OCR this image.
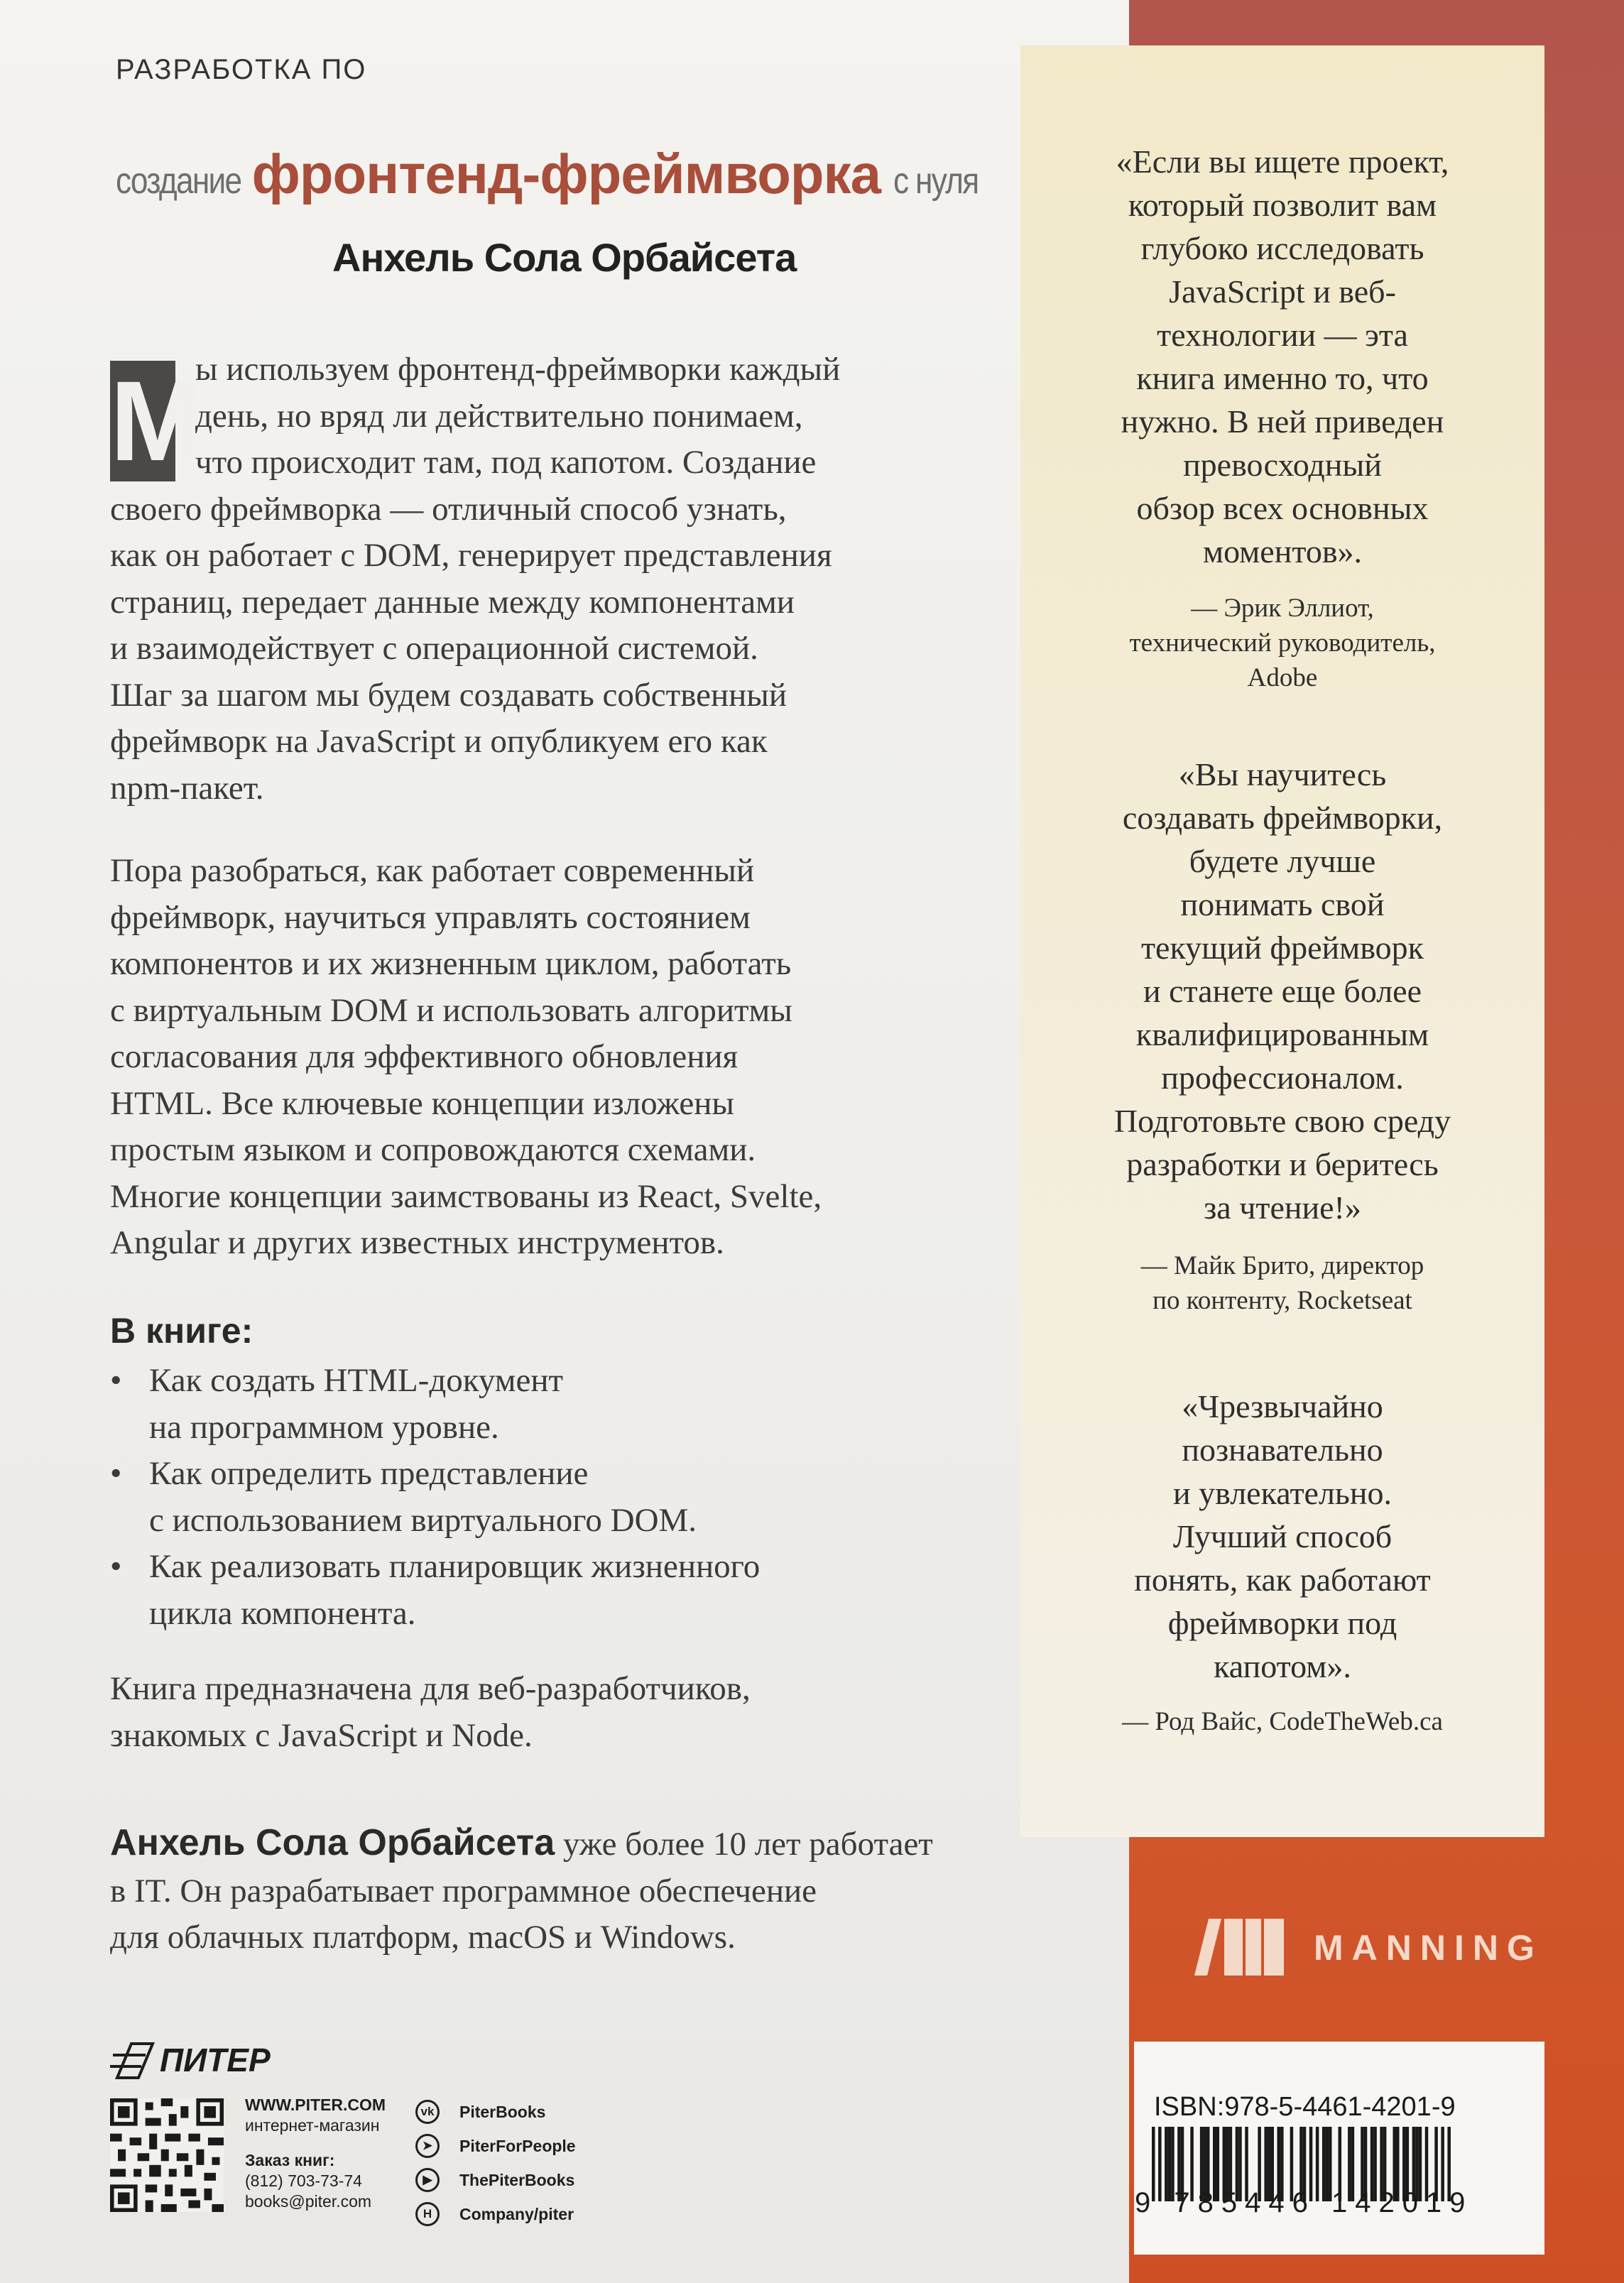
РАЗРАБОТКА ПО
создание фронтенд-фреймворка с нуля
Анхель Сола Орбайсета
М
ы используем фронтенд-фреймворки каждый
день, но вряд ли действительно понимаем,
что происходит там, под капотом. Создание
своего фреймворка — отличный способ узнать,
как он работает с DOM, генерирует представления
страниц, передает данные между компонентами
и взаимодействует с операционной системой.
Шаг за шагом мы будем создавать собственный
фреймворк на JavaScript и опубликуем его как
npm-пакет.
Пора разобраться, как работает современный
фреймворк, научиться управлять состоянием
компонентов и их жизненным циклом, работать
с виртуальным DOM и использовать алгоритмы
согласования для эффективного обновления
HTML. Все ключевые концепции изложены
простым языком и сопровождаются схемами.
Многие концепции заимствованы из React, Svelte,
Angular и других известных инструментов.
В книге:
• Как создать HTML-документ
на программном уровне.
• Как определить представление
с использованием виртуального DOM.
• Как реализовать планировщик жизненного
цикла компонента.
Книга предназначена для веб-разработчиков,
знакомых с JavaScript и Node.
Анхель Сола Орбайсета уже более 10 лет работает
в IT. Он разрабатывает программное обеспечение
для облачных платформ, macOS и Windows.
«Если вы ищете проект,
который позволит вам
глубоко исследовать
JavaScript и веб-
технологии — эта
книга именно то, что
нужно. В ней приведен
превосходный
обзор всех основных
моментов».
— Эрик Эллиот,
технический руководитель,
Adobe
«Вы научитесь
создавать фреймворки,
будете лучше
понимать свой
текущий фреймворк
и станете еще более
квалифицированным
профессионалом.
Подготовьте свою среду
разработки и беритесь
за чтение!»
— Майк Брито, директор
по контенту, Rocketseat
«Чрезвычайно
познавательно
и увлекательно.
Лучший способ
понять, как работают
фреймворки под
капотом».
— Род Вайс, CodeTheWeb.ca
MANNING
ПИТЕР
WWW.PITER.COM
интернет-магазин
Заказ книг:
(812) 703-73-74
books@piter.com
vk	PiterBooks
➤	PiterForPeople
▶	ThePiterBooks
H	Company/piter
ISBN:978-5-4461-4201-9
9 785446 142019
